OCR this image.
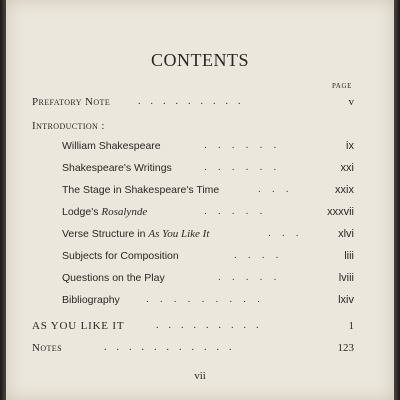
CONTENTS
PAGE
Prefatory Note	.    .    .    .    .    .    .    .    .	v
Introduction :
William Shakespeare	.    .    .    .    .    .	ix
Shakespeare's Writings	.    .    .    .    .    .	xxi
The Stage in Shakespeare's Time	.    .    .	xxix
Lodge's Rosalynde	.    .    .    .    .	xxxvii
Verse Structure in As You Like It	.    .    .	xlvi
Subjects for Composition	.    .    .    .	liii
Questions on the Play	.    .    .    .    .	lviii
Bibliography	.    .    .    .    .    .    .    .    .	lxiv
AS YOU LIKE IT	.    .    .    .    .    .    .    .    .	1
Notes	.    .    .    .    .    .    .    .    .    .    .	123
vii
